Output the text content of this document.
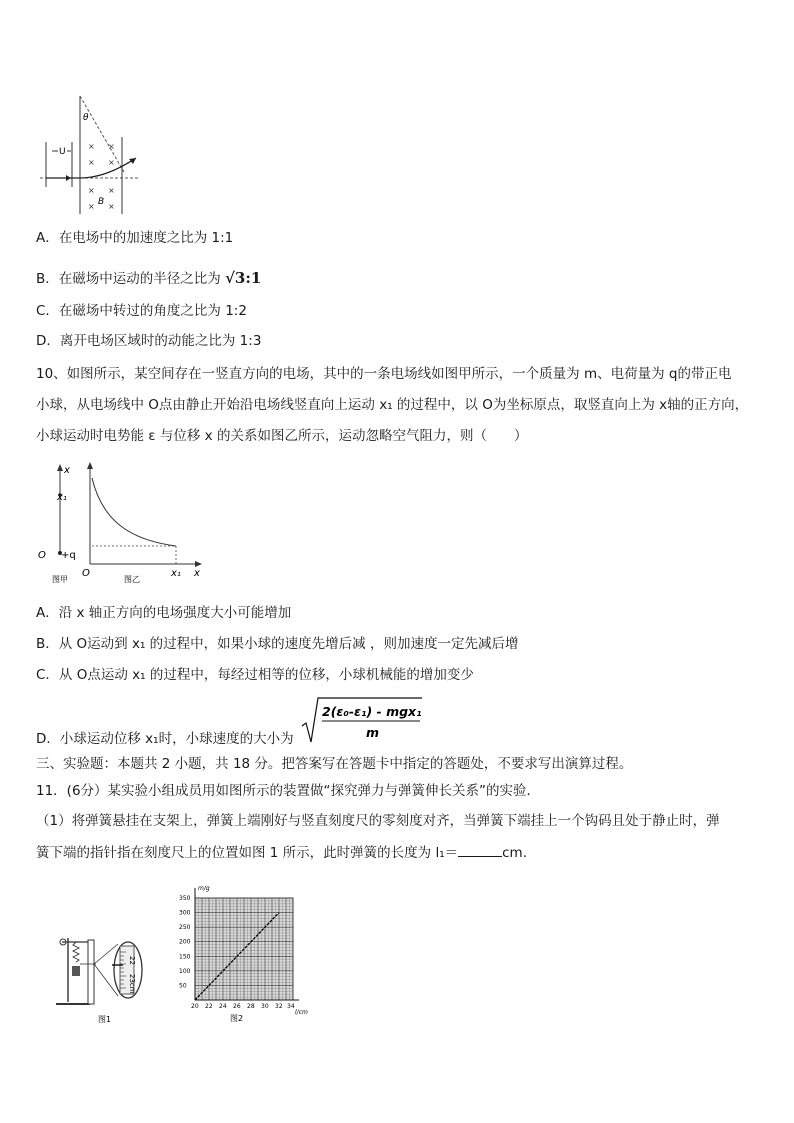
U
θ
× ×
× ×
× ×
× ×
B
A．在电场中的加速度之比为 1:1
B．在磁场中运动的半径之比为 √3:1
C．在磁场中转过的角度之比为 1:2
D．离开电场区域时的动能之比为 1:3
10、如图所示，某空间存在一竖直方向的电场，其中的一条电场线如图甲所示，一个质量为 m、电荷量为 q的带正电
小球，从电场线中 O点由静止开始沿电场线竖直向上运动 x₁ 的过程中，以 O为坐标原点，取竖直向上为 x轴的正方向，
小球运动时电势能 ε 与位移 x 的关系如图乙所示，运动忽略空气阻力，则（　　）
x
x₁
O +q
图甲
O	x₁ x
图乙
A．沿 x 轴正方向的电场强度大小可能增加
B．从 O运动到 x₁ 的过程中，如果小球的速度先增后减 ，则加速度一定先减后增
C．从 O点运动 x₁ 的过程中，每经过相等的位移，小球机械能的增加变少
D．小球运动位移 x₁时，小球速度的大小为
2(ε₀-ε₁) - mgx₁
m
三、实验题：本题共 2 小题，共 18 分。把答案写在答题卡中指定的答题处，不要求写出演算过程。
11．(6分）某实验小组成员用如图所示的装置做“探究弹力与弹簧伸长关系”的实验．
（1）将弹簧悬挂在支架上，弹簧上端刚好与竖直刻度尺的零刻度对齐，当弹簧下端挂上一个钩码且处于静止时，弹
簧下端的指针指在刻度尺上的位置如图 1 所示，此时弹簧的长度为 l₁＝	cm.
22
23cm
图1
m/g
l/cm
20 22 24 26 28 30 32 34
50
100
150
200
250
300
350
图2
